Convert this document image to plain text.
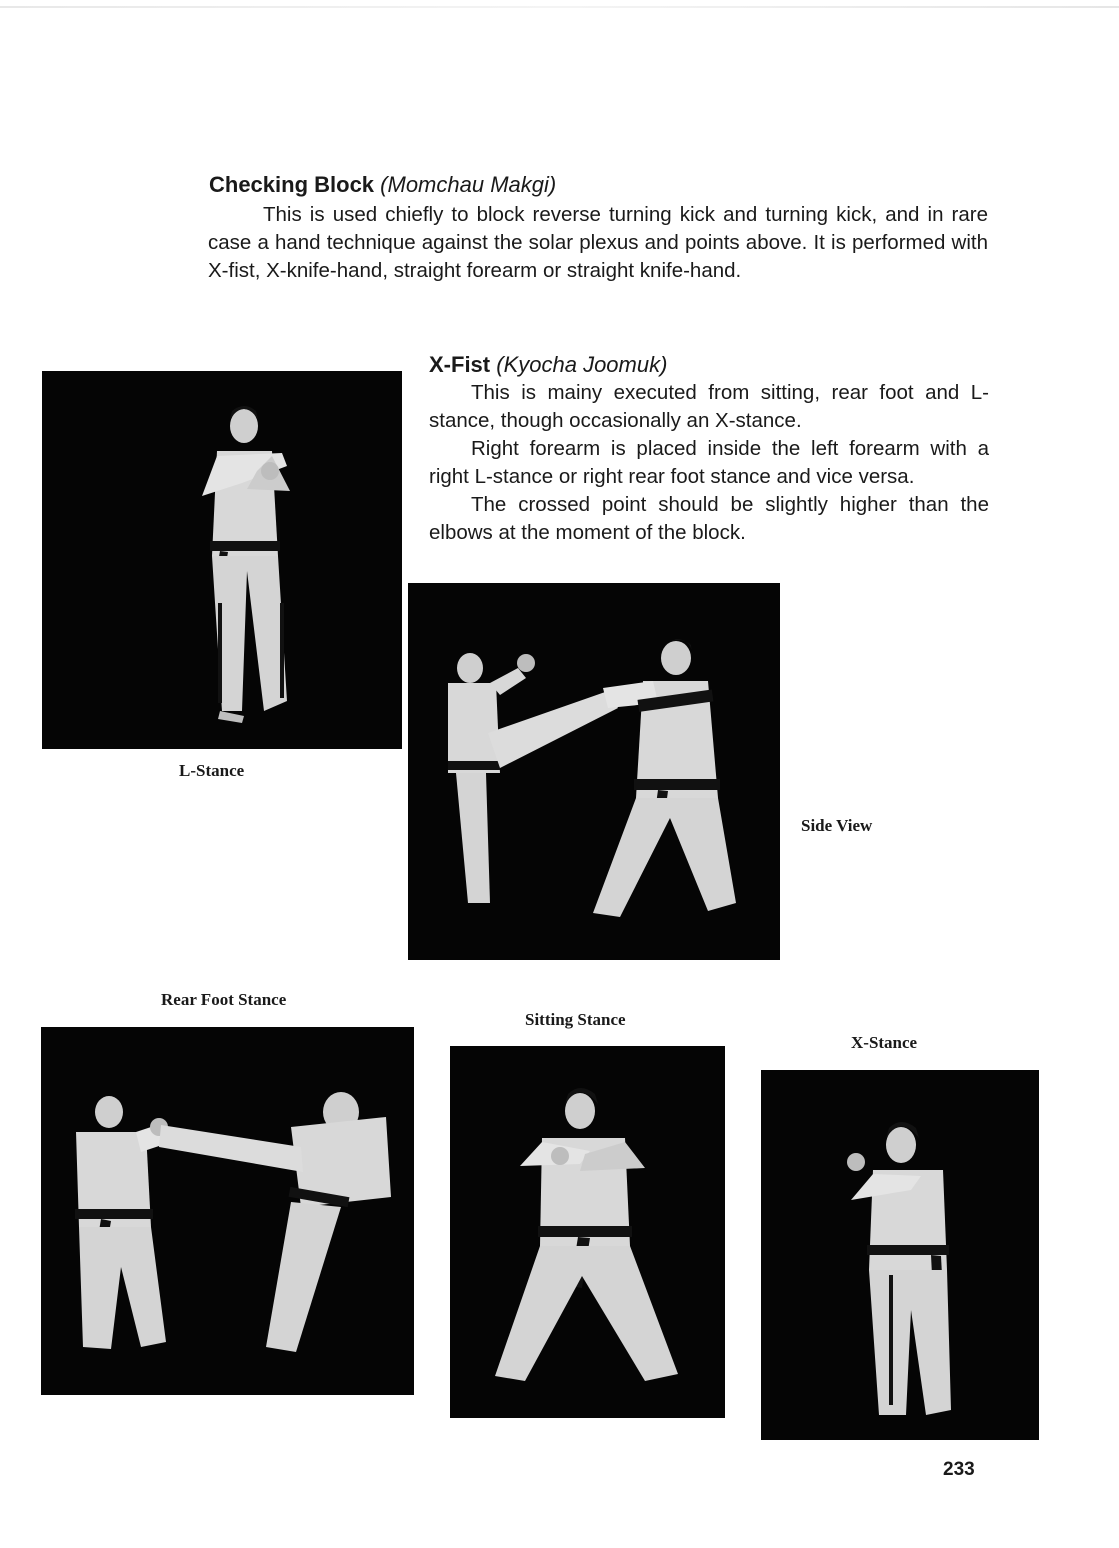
Checking Block (Momchau Makgi)

This is used chiefly to block reverse turning kick and turning kick, and in rare case a hand technique against the solar plexus and points above. It is performed with X-fist, X-knife-hand, straight forearm or straight knife-hand.

X-Fist (Kyocha Joomuk)

This is mainy executed from sitting, rear foot and L-stance, though occasionally an X-stance.

Right forearm is placed inside the left forearm with a right L-stance or right rear foot stance and vice versa.

The crossed point should be slightly higher than the elbows at the moment of the block.

L-Stance
Side View
Rear Foot Stance
Sitting Stance
X-Stance
233
